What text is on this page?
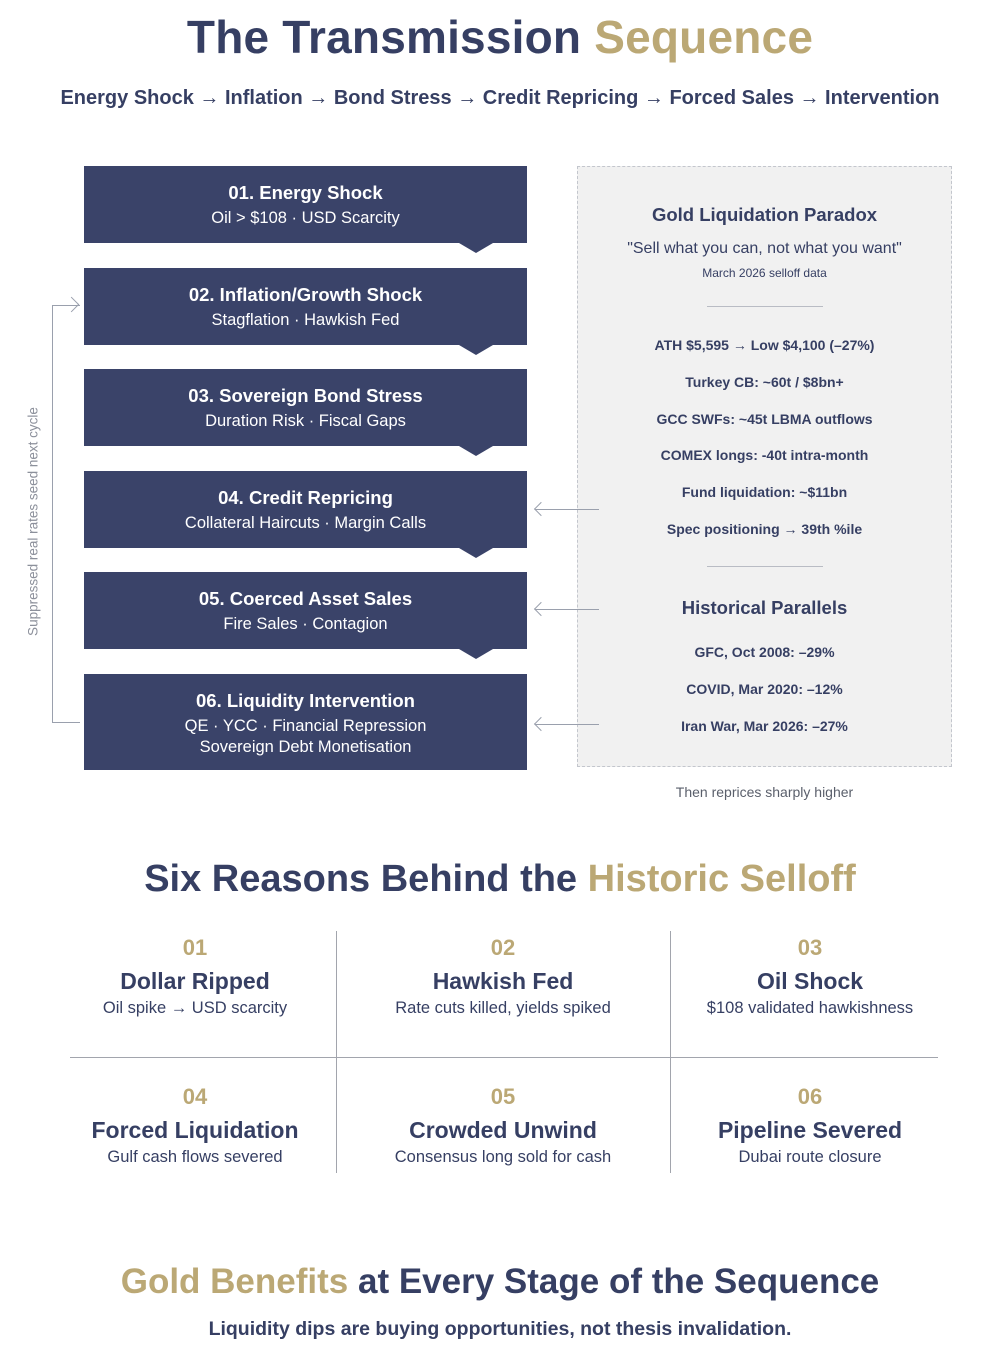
The Transmission Sequence
Energy Shock → Inflation → Bond Stress → Credit Repricing → Forced Sales → Intervention
01. Energy Shock
Oil > $108 · USD Scarcity
02. Inflation/Growth Shock
Stagflation · Hawkish Fed
03. Sovereign Bond Stress
Duration Risk · Fiscal Gaps
04. Credit Repricing
Collateral Haircuts · Margin Calls
05. Coerced Asset Sales
Fire Sales · Contagion
06. Liquidity Intervention
QE · YCC · Financial Repression
Sovereign Debt Monetisation
Suppressed real rates seed next cycle
Gold Liquidation Paradox
"Sell what you can, not what you want"
March 2026 selloff data
ATH $5,595 → Low $4,100 (–27%)
Turkey CB: ~60t / $8bn+
GCC SWFs: ~45t LBMA outflows
COMEX longs: -40t intra-month
Fund liquidation: ~$11bn
Spec positioning → 39th %ile
Historical Parallels
GFC, Oct 2008: –29%
COVID, Mar 2020: –12%
Iran War, Mar 2026: –27%
Then reprices sharply higher
Six Reasons Behind the Historic Selloff
01
Dollar Ripped
Oil spike → USD scarcity
02
Hawkish Fed
Rate cuts killed, yields spiked
03
Oil Shock
$108 validated hawkishness
04
Forced Liquidation
Gulf cash flows severed
05
Crowded Unwind
Consensus long sold for cash
06
Pipeline Severed
Dubai route closure
Gold Benefits at Every Stage of the Sequence
Liquidity dips are buying opportunities, not thesis invalidation.
